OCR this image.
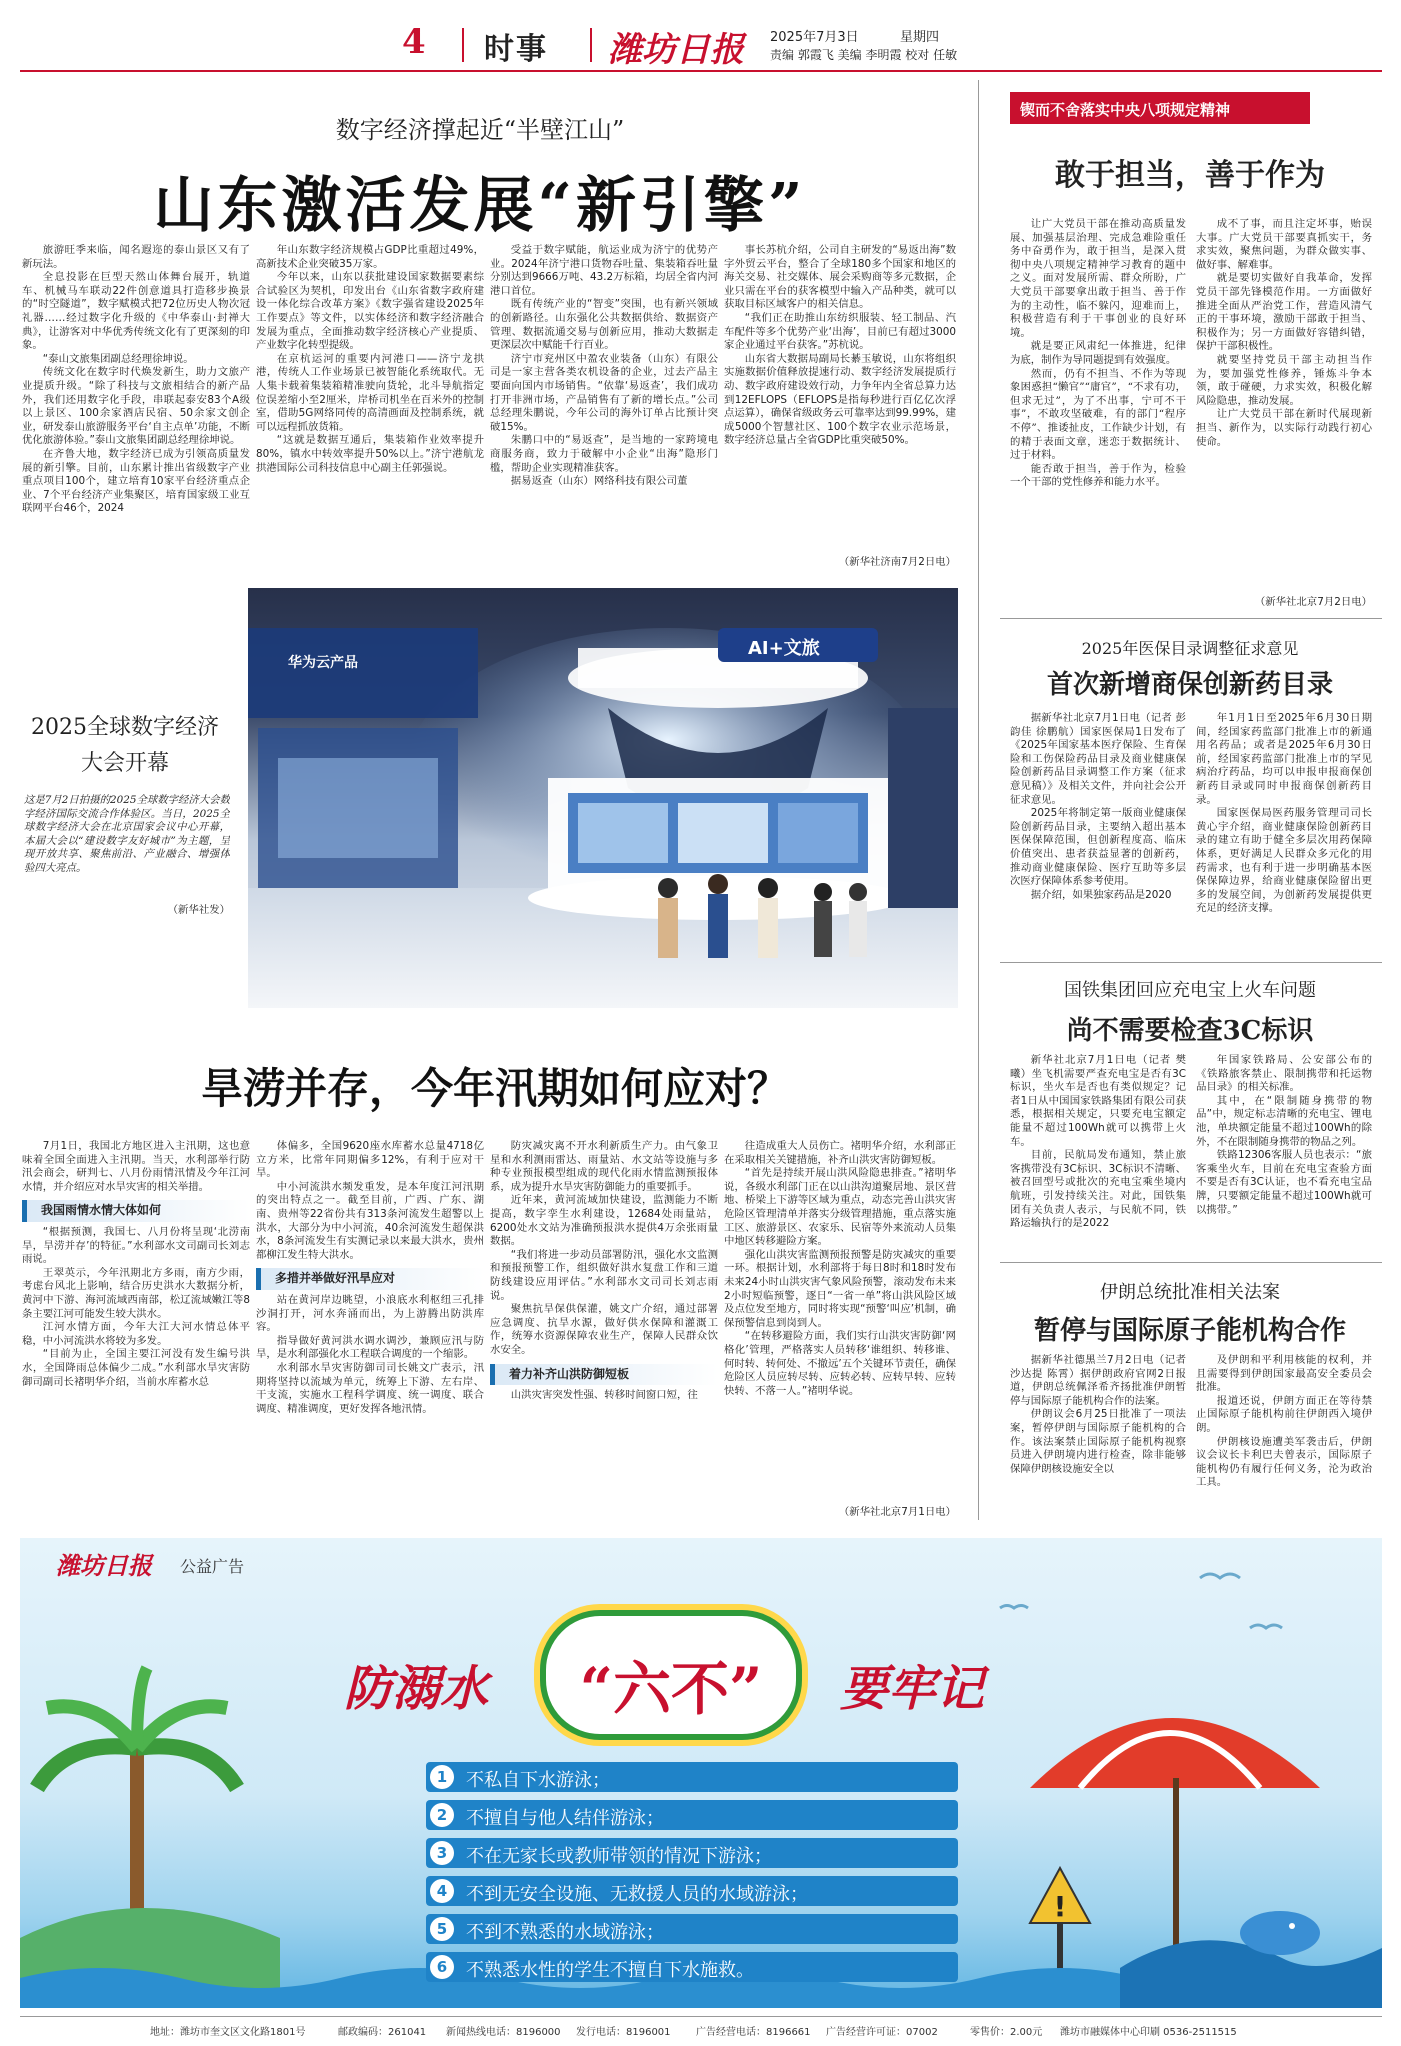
4 时事 潍坊日报 2025年7月3日	星期四
责编 郭霞飞 美编 李明霞 校对 任敏
数字经济撑起近“半壁江山”
山东激活发展“新引擎”

旅游旺季来临，闻名遐迩的泰山景区又有了新玩法。

全息投影在巨型天然山体舞台展开，轨道车、机械马车联动22件创意道具打造移步换景的“时空隧道”，数字赋模式把72位历史人物次冠礼器……经过数字化升级的《中华泰山·封禅大典》，让游客对中华优秀传统文化有了更深刻的印象。

“泰山文旅集团副总经理徐坤说。

传统文化在数字时代焕发新生，助力文旅产业提质升级。“除了科技与文旅相结合的新产品外，我们还用数字化手段，串联起泰安83个A级以上景区、100余家酒店民宿、50余家文创企业，研发泰山旅游服务平台‘自主点单’功能，不断优化旅游体验。”泰山文旅集团副总经理徐坤说。

在齐鲁大地，数字经济已成为引领高质量发展的新引擎。目前，山东累计推出省级数字产业重点项目100个，建立培育10家平台经济重点企业、7个平台经济产业集聚区，培育国家级工业互联网平台46个，2024

年山东数字经济规模占GDP比重超过49%，高新技术企业突破35万家。

今年以来，山东以获批建设国家数据要素综合试验区为契机，印发出台《山东省数字政府建设一体化综合改革方案》《数字强省建设2025年工作要点》等文件，以实体经济和数字经济融合发展为重点，全面推动数字经济核心产业提质、产业数字化转型提级。

在京杭运河的重要内河港口——济宁龙拱港，传统人工作业场景已被智能化系统取代。无人集卡载着集装箱精准驶向货轮，北斗导航指定位误差缩小至2厘米，岸桥司机坐在百米外的控制室，借助5G网络同传的高清画面及控制系统，就可以远程抓放货箱。

“这就是数据互通后，集装箱作业效率提升80%，镇水中转效率提升50%以上。”济宁港航龙拱港国际公司科技信息中心副主任郭强说。

受益于数字赋能，航运业成为济宁的优势产业。2024年济宁港口货物吞吐量、集装箱吞吐量分别达到9666万吨、43.2万标箱，均居全省内河港口首位。

既有传统产业的“智变”突围，也有新兴领域的创新路径。山东强化公共数据供给、数据资产管理、数据流通交易与创新应用，推动大数据走更深层次中赋能千行百业。

济宁市兖州区中盈农业装备（山东）有限公司是一家主营各类农机设备的企业，过去产品主要面向国内市场销售。“依靠‘易返查’，我们成功打开非洲市场，产品销售有了新的增长点。”公司总经理朱鹏说，今年公司的海外订单占比预计突破15%。

朱鹏口中的“易返查”，是当地的一家跨境电商服务商，致力于破解中小企业“出海”隐形门槛，帮助企业实现精准获客。

据易返查（山东）网络科技有限公司董

事长苏杭介绍，公司自主研发的“易返出海”数字外贸云平台，整合了全球180多个国家和地区的海关交易、社交媒体、展会采购商等多元数据，企业只需在平台的获客模型中输入产品种类，就可以获取目标区域客户的相关信息。

“我们正在助推山东纺织服装、轻工制品、汽车配件等多个优势产业‘出海’，目前已有超过3000家企业通过平台获客。”苏杭说。

山东省大数据局副局长綦玉敏说，山东将组织实施数据价值释放提速行动、数字经济发展提质行动、数字政府建设效行动，力争年内全省总算力达到12EFLOPS（EFLOPS是指每秒进行百亿亿次浮点运算），确保省级政务云可靠率达到99.99%，建成5000个智慧社区、100个数字农业示范场景，数字经济总量占全省GDP比重突破50%。

（新华社济南7月2日电）
2025全球数字经济
大会开幕
这是7月2日拍摄的2025全球数字经济大会数字经济国际交流合作体验区。当日，2025全球数字经济大会在北京国家会议中心开幕，本届大会以“建设数字友好城市”为主题，呈现开放共享、聚焦前沿、产业融合、增强体验四大亮点。
（新华社发）
华为云产品
AI+文旅
旱涝并存，今年汛期如何应对？

7月1日，我国北方地区进入主汛期，这也意味着全国全面进入主汛期。当天，水利部举行防汛会商会，研判七、八月份雨情汛情及今年江河水情，并介绍应对水旱灾害的相关举措。

我国雨情水情大体如何

“根据预测，我国七、八月份将呈现‘北涝南旱，旱涝并存’的特征。”水利部水文司副司长刘志雨说。

王翠英示，今年汛期北方多雨，南方少雨，考虑台风北上影响，结合历史洪水大数据分析，黄河中下游、海河流域西南部，松辽流域嫩江等8条主要江河可能发生较大洪水。

江河水情方面，今年大江大河水情总体平稳，中小河流洪水将较为多发。

“目前为止，全国主要江河没有发生编号洪水，全国降雨总体偏少二成。”水利部水旱灾害防御司副司长褚明华介绍，当前水库蓄水总

体偏多，全国9620座水库蓄水总量4718亿立方米，比常年同期偏多12%，有利于应对干旱。

中小河流洪水频发重发，是本年度江河汛期的突出特点之一。截至目前，广西、广东、湖南、贵州等22省份共有313条河流发生超警以上洪水，大部分为中小河流，40余河流发生超保洪水，8条河流发生有实测记录以来最大洪水，贵州都柳江发生特大洪水。

多措并举做好汛旱应对

站在黄河岸边眺望，小浪底水利枢纽三孔排沙洞打开，河水奔涌而出，为上游腾出防洪库容。

指导做好黄河洪水调水调沙，兼顾应汛与防旱，是水利部强化水工程联合调度的一个缩影。

水利部水旱灾害防御司司长姚文广表示，汛期将坚持以流域为单元，统筹上下游、左右岸、干支流，实施水工程科学调度、统一调度、联合调度、精准调度，更好发挥各地汛情。

防灾减灾离不开水利新质生产力。由气象卫星和水利测雨雷达、雨量站、水文站等设施与多种专业预报模型组成的现代化雨水情监测预报体系，成为提升水旱灾害防御能力的重要抓手。

近年来，黄河流域加快建设，监测能力不断提高，数字孪生水利建设，12684处雨量站，6200处水文站为准确预报洪水提供4万余张雨量数据。

“我们将进一步动员部署防汛，强化水文监测和预报预警工作，组织做好洪水复盘工作和三道防线建设应用评估。”水利部水文司司长刘志雨说。

聚焦抗旱保供保灌，姚文广介绍，通过部署应急调度、抗旱水源，做好供水保障和灌溉工作，统筹水资源保障农业生产，保障人民群众饮水安全。

着力补齐山洪防御短板

山洪灾害突发性强、转移时间窗口短，往

往造成重大人员伤亡。褚明华介绍，水利部正在采取相关关键措施，补齐山洪灾害防御短板。

“首先是持续开展山洪风险隐患排查。”褚明华说，各级水利部门正在以山洪沟道聚居地、景区营地、桥梁上下游等区域为重点，动态完善山洪灾害危险区管理清单并落实分级管理措施，重点落实施工区、旅游景区、农家乐、民宿等外来流动人员集中地区转移避险方案。

强化山洪灾害监测预报预警是防灾减灾的重要一环。根据计划，水利部将于每日8时和18时发布未来24小时山洪灾害气象风险预警，滚动发布未来2小时短临预警，逐日“一省一单”将山洪风险区域及点位发至地方，同时将实现“预警‘叫应’机制，确保预警信息到岗到人。

“在转移避险方面，我们实行山洪灾害防御‘网格化’管理，严格落实人员转移‘谁组织、转移谁、何时转、转何处、不撤远’五个关键环节责任，确保危险区人员应转尽转、应转必转、应转早转、应转快转、不落一人。”褚明华说。

（新华社北京7月1日电）
锲而不舍落实中央八项规定精神
敢于担当，善于作为

让广大党员干部在推动高质量发展、加强基层治理、完成急难险重任务中奋勇作为，敢于担当，是深入贯彻中央八项规定精神学习教育的题中之义。面对发展所需、群众所盼，广大党员干部要拿出敢于担当、善于作为的主动性，临不躲闪，迎难而上，积极营造有利于干事创业的良好环境。

就是要正风肃纪一体推进，纪律为底，制作为导同题提到有效强度。

然而，仍有不担当、不作为等现象困惑担“懒官”“庸官”，“不求有功，但求无过”，为了不出事，宁可不干事”，不敢攻坚破难，有的部门“程序不停”、推诿扯皮，工作缺少计划，有的精于表面文章，迷恋于数据统计、过于材料。

能否敢于担当，善于作为，检验一个干部的党性修养和能力水平。

成不了事，而且注定坏事，贻误大事。广大党员干部要真抓实干，务求实效，聚焦问题，为群众做实事、做好事、解难事。

就是要切实做好自我革命，发挥党员干部先锋模范作用。一方面做好推进全面从严治党工作，营造风清气正的干事环境，激励干部敢于担当、积极作为；另一方面做好容错纠错，保护干部积极性。

就要坚持党员干部主动担当作为，要加强党性修养，锤炼斗争本领，敢于碰硬，力求实效，积极化解风险隐患，推动发展。

让广大党员干部在新时代展现新担当、新作为，以实际行动践行初心使命。

（新华社北京7月2日电）
2025年医保目录调整征求意见
首次新增商保创新药目录

据新华社北京7月1日电（记者 彭韵佳 徐鹏航）国家医保局1日发布了《2025年国家基本医疗保险、生育保险和工伤保险药品目录及商业健康保险创新药品目录调整工作方案（征求意见稿）》及相关文件，并向社会公开征求意见。

2025年将制定第一版商业健康保险创新药品目录，主要纳入超出基本医保保障范围，但创新程度高、临床价值突出、患者获益显著的创新药，推动商业健康保险、医疗互助等多层次医疗保障体系参考使用。

据介绍，如果独家药品是2020

年1月1日至2025年6月30日期间，经国家药监部门批准上市的新通用名药品；或者是2025年6月30日前，经国家药监部门批准上市的罕见病治疗药品，均可以申报申报商保创新药目录或同时申报商保创新药目录。

国家医保局医药服务管理司司长黄心宇介绍，商业健康保险创新药目录的建立有助于健全多层次用药保障体系，更好满足人民群众多元化的用药需求，也有利于进一步明确基本医保保障边界，给商业健康保险留出更多的发展空间，为创新药发展提供更充足的经济支撑。

国铁集团回应充电宝上火车问题
尚不需要检查3C标识

新华社北京7月1日电（记者 樊曦）坐飞机需要严查充电宝是否有3C标识，坐火车是否也有类似规定？记者1日从中国国家铁路集团有限公司获悉，根据相关规定，只要充电宝额定能量不超过100Wh就可以携带上火车。

目前，民航局发布通知，禁止旅客携带没有3C标识、3C标识不清晰、被召回型号或批次的充电宝乘坐境内航班，引发持续关注。对此，国铁集团有关负责人表示，与民航不同，铁路运输执行的是2022

年国家铁路局、公安部公布的《铁路旅客禁止、限制携带和托运物品目录》的相关标准。

其中，在“限制随身携带的物品”中，规定标志清晰的充电宝、锂电池，单块额定能量不超过100Wh的除外，不在限制随身携带的物品之列。

铁路12306客服人员也表示：“旅客乘坐火车，目前在充电宝查验方面不要是否有3C认证，也不看充电宝品牌，只要额定能量不超过100Wh就可以携带。”

伊朗总统批准相关法案
暂停与国际原子能机构合作

据新华社德黑兰7月2日电（记者 沙达提 陈霄）据伊朗政府官网2日报道，伊朗总统佩泽希齐扬批准伊朗暂停与国际原子能机构合作的法案。

伊朗议会6月25日批准了一项法案，暂停伊朗与国际原子能机构的合作。该法案禁止国际原子能机构视察员进入伊朗境内进行检查，除非能够保障伊朗核设施安全以

及伊朗和平利用核能的权利，并且需要得到伊朗国家最高安全委员会批准。

报道还说，伊朗方面正在等待禁止国际原子能机构前往伊朗西入境伊朗。

伊朗核设施遭美军袭击后，伊朗议会议长卡利巴夫曾表示，国际原子能机构仍有履行任何义务，沦为政治工具。

!
潍坊日报 公益广告
防溺水	“六不”	要牢记
1	不私自下水游泳；
2	不擅自与他人结伴游泳；
3	不在无家长或教师带领的情况下游泳；
4	不到无安全设施、无救援人员的水域游泳；
5	不到不熟悉的水域游泳；
6	不熟悉水性的学生不擅自下水施救。
地址：潍坊市奎文区文化路1801号	邮政编码：261041 新闻热线电话：8196000 发行电话：8196001	广告经营电话：8196661 广告经营许可证：07002	零售价：2.00元 潍坊市融媒体中心印刷 0536-2511515
